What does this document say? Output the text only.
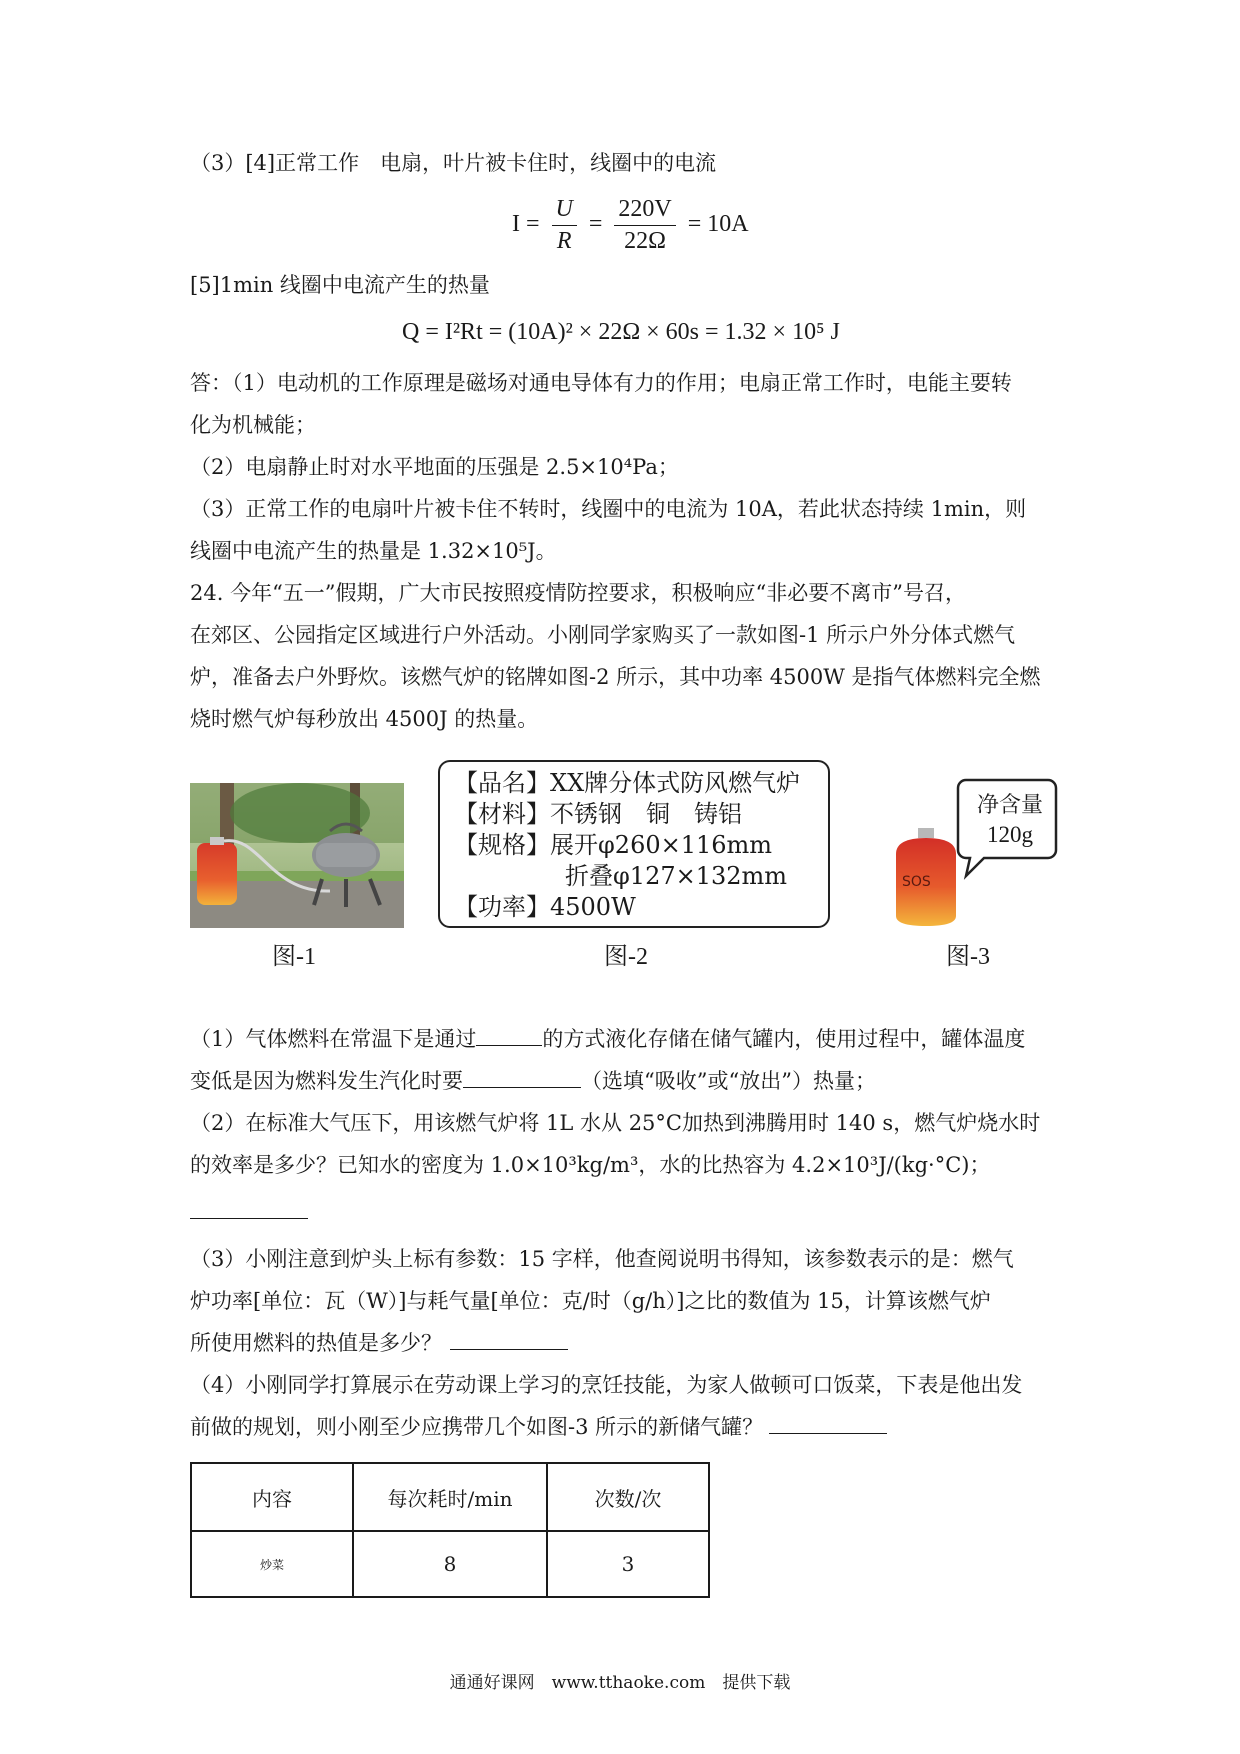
（3）[4]正常工作　电扇，叶片被卡住时，线圈中的电流
$I = \frac{U}{R} = \frac{220V}{22\Omega} = 10A$
[5]1min 线圈中电流产生的热量
Q = I²Rt = (10A)² × 22Ω × 60s = 1.32 × 10⁵ J
答：（1）电动机的工作原理是磁场对通电导体有力的作用；电扇正常工作时，电能主要转
化为机械能；
（2）电扇静止时对水平地面的压强是 2.5×10⁴Pa；
（3）正常工作的电扇叶片被卡住不转时，线圈中的电流为 10A，若此状态持续 1min，则
线圈中电流产生的热量是 1.32×10⁵J。
24. 今年“五一”假期，广大市民按照疫情防控要求，积极响应“非必要不离市”号召，
在郊区、公园指定区域进行户外活动。小刚同学家购买了一款如图-1 所示户外分体式燃气
炉，准备去户外野炊。该燃气炉的铭牌如图-2 所示，其中功率 4500W 是指气体燃料完全燃
烧时燃气炉每秒放出 4500J 的热量。
图-1
【品名】XX牌分体式防风燃气炉
【材料】不锈钢　铜　铸铝
【规格】展开φ260×116mm
折叠φ127×132mm
【功率】4500W
图-2
SOS
净含量
120g
图-3
（1）气体燃料在常温下是通过	的方式液化存储在储气罐内，使用过程中，罐体温度
变低是因为燃料发生汽化时要	（选填“吸收”或“放出”）热量；
（2）在标准大气压下，用该燃气炉将 1L 水从 25°C加热到沸腾用时 140 s，燃气炉烧水时
的效率是多少？已知水的密度为 1.0×10³kg/m³，水的比热容为 4.2×10³J/(kg·°C)；
（3）小刚注意到炉头上标有参数：15 字样，他查阅说明书得知，该参数表示的是：燃气
炉功率[单位：瓦（W）]与耗气量[单位：克/时（g/h）]之比的数值为 15，计算该燃气炉
所使用燃料的热值是多少？
（4）小刚同学打算展示在劳动课上学习的烹饪技能，为家人做顿可口饭菜，下表是他出发
前做的规划，则小刚至少应携带几个如图-3 所示的新储气罐？
内容	每次耗时/min	次数/次
炒菜	8	3
通通好课网　www.tthaoke.com　提供下载
